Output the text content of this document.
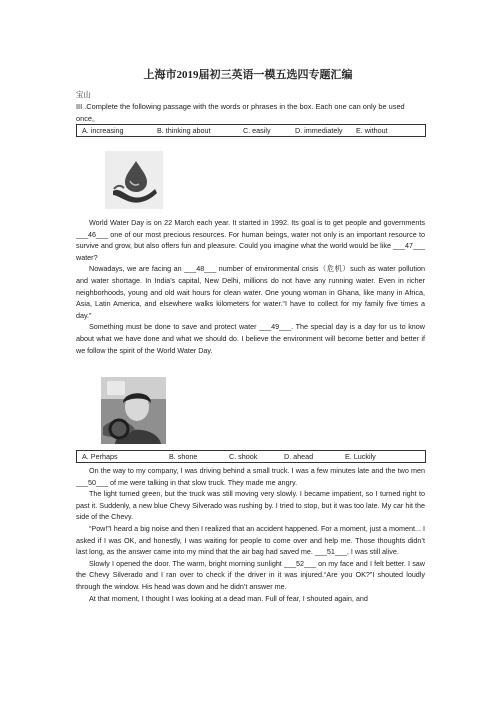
上海市2019届初三英语一模五选四专题汇编
宝山
III .Complete the following passage with the words or phrases in the box. Each one can only be used once。
A. increasing	B. thinking about	C. easily	D. immediately E. without

World Water Day is on 22 March each year. It started in 1992. Its goal is to get people and governments ___46___ one of our most precious resources. For human beings, water not only is an important resource to survive and grow, but also offers fun and pleasure. Could you imagine what the world would be like ___47___ water?

Nowadays, we are facing an ___48___ number of environmental crisis（危机）such as water pollution and water shortage. In India’s capital, New Delhi, millions do not have any running water. Even in richer neighborhoods, young and old wait hours for clean water. One young woman in Ghana, like many in Africa, Asia, Latin America, and elsewhere walks kilometers for water.“I have to collect for my family five times a day.”

Something must be done to save and protect water ___49___. The special day is a day for us to know about what we have done and what we should do. I believe the environment will become better and better if we follow the spirit of the World Water Day.

A. Perhaps	B. shone	C. shook	D. ahead	E. Luckily

On the way to my company, I was driving behind a small truck. I was a few minutes late and the two men ___50___ of me were talking in that slow truck. They made me angry.

The light turned green, but the truck was still moving very slowly. I became impatient, so I turned right to past it. Suddenly, a new blue Chevy Silverado was rushing by. I tried to stop, but it was too late. My car hit the side of the Chevy.

“Pow!”I heard a big noise and then I realized that an accident happened. For a moment, just a moment... I asked if I was OK, and honestly, I was waiting for people to come over and help me. Those thoughts didn’t last long, as the answer came into my mind that the air bag had saved me. ___51___, I was still alive.

Slowly I opened the door. The warm, bright morning sunlight ___52___ on my face and I felt better. I saw the Chevy Silverado and I ran over to check if the driver in it was injured.“Are you OK?”I shouted loudly through the window. His head was down and he didn’t answer me.

At that moment, I thought I was looking at a dead man. Full of fear, I shouted again, and
